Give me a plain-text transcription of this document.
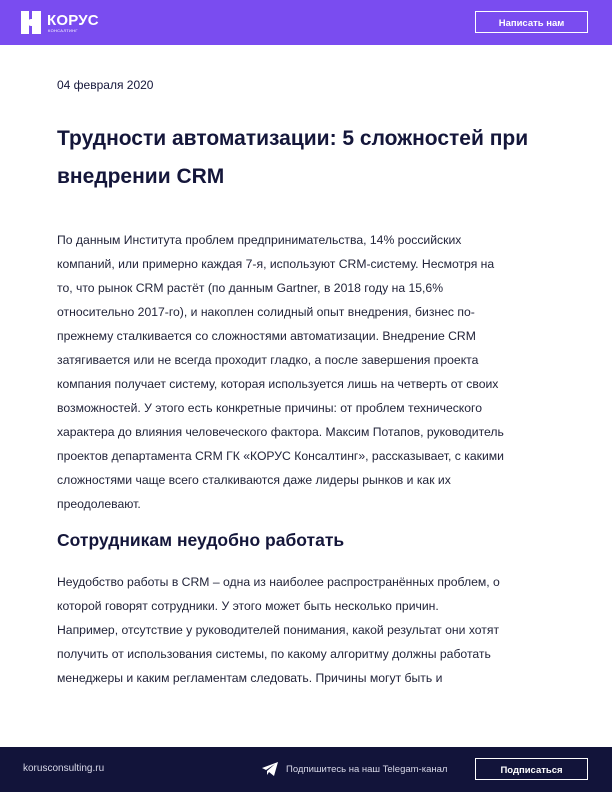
КОРУС
КОНСАЛТИНГ
Написать нам
04 февраля 2020
Трудности автоматизации: 5 сложностей при внедрении CRM
По данным Института проблем предпринимательства, 14% российских
компаний, или примерно каждая 7-я, используют CRM-систему. Несмотря на
то, что рынок CRM растёт (по данным Gartner, в 2018 году на 15,6%
относительно 2017-го), и накоплен солидный опыт внедрения, бизнес по-
прежнему сталкивается со сложностями автоматизации. Внедрение CRM
затягивается или не всегда проходит гладко, а после завершения проекта
компания получает систему, которая используется лишь на четверть от своих
возможностей. У этого есть конкретные причины: от проблем технического
характера до влияния человеческого фактора. Максим Потапов, руководитель
проектов департамента CRM ГК «КОРУС Консалтинг», рассказывает, с какими
сложностями чаще всего сталкиваются даже лидеры рынков и как их
преодолевают.
Сотрудникам неудобно работать
Неудобство работы в CRM – одна из наиболее распространённых проблем, о
которой говорят сотрудники. У этого может быть несколько причин.
Например, отсутствие у руководителей понимания, какой результат они хотят
получить от использования системы, по какому алгоритму должны работать
менеджеры и каким регламентам следовать. Причины могут быть и
korusconsulting.ru	Подпишитесь на наш Telegam-канал	Подписаться
